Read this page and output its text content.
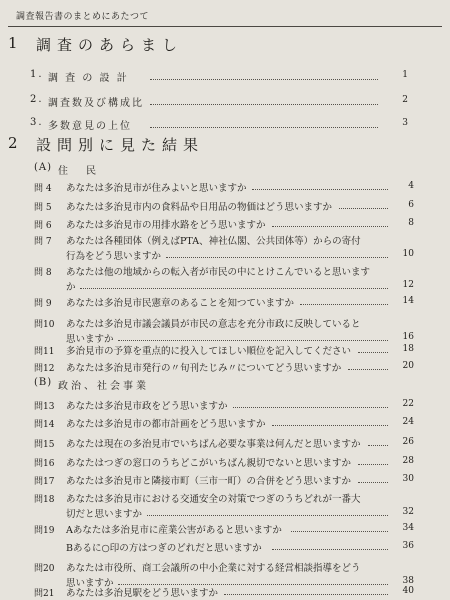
調査報告書のまとめにあたつて
1 調査のあらまし
1. 調 査 の 設 計	1
2. 調査数及び構成比	2
3. 多数意見の上位	3
2 設問別に見た結果
(A) 住民
問 4	あなたは多治見市が住みよいと思いますか	4
問 5	あなたは多治見市内の食料品や日用品の物価はどう思いますか	6
問 6	あなたは多治見市の用排水路をどう思いますか	8
問 7	あなたは各種団体（例えばPTA、神社仏閣、公共団体等）からの寄付
行為をどう思いますか	10
問 8	あなたは他の地域からの転入者が市民の中にとけこんでいると思います
か	12
問 9	あなたは多治見市民憲章のあることを知つていますか	14
問10	あなたは多治見市議会議員が市民の意志を充分市政に反映していると
思いますか	16
問11	多治見市の予算を重点的に投入してほしい順位を記入してください	18
問12	あなたは多治見市発行の〃旬刊たじみ〃についてどう思いますか	20
(B) 政治、社会事業
問13	あなたは多治見市政をどう思いますか	22
問14	あなたは多治見市の都市計画をどう思いますか	24
問15	あなたは現在の多治見市でいちばん必要な事業は何んだと思いますか	26
問16	あなたはつぎの窓口のうちどこがいちばん親切でないと思いますか	28
問17	あなたは多治見市と隣接市町（三市一町）の合併をどう思いますか	30
問18	あなたは多治見市における交通安全の対策でつぎのうちどれが一番大
切だと思いますか	32
問19	Aあなたは多治見市に産業公害があると思いますか	34
Bあるに○印の方はつぎのどれだと思いますか	36
問20	あなたは市役所、商工会議所の中小企業に対する経営相談指導をどう
思いますか	38
問21	あなたは多治見駅をどう思いますか	40
